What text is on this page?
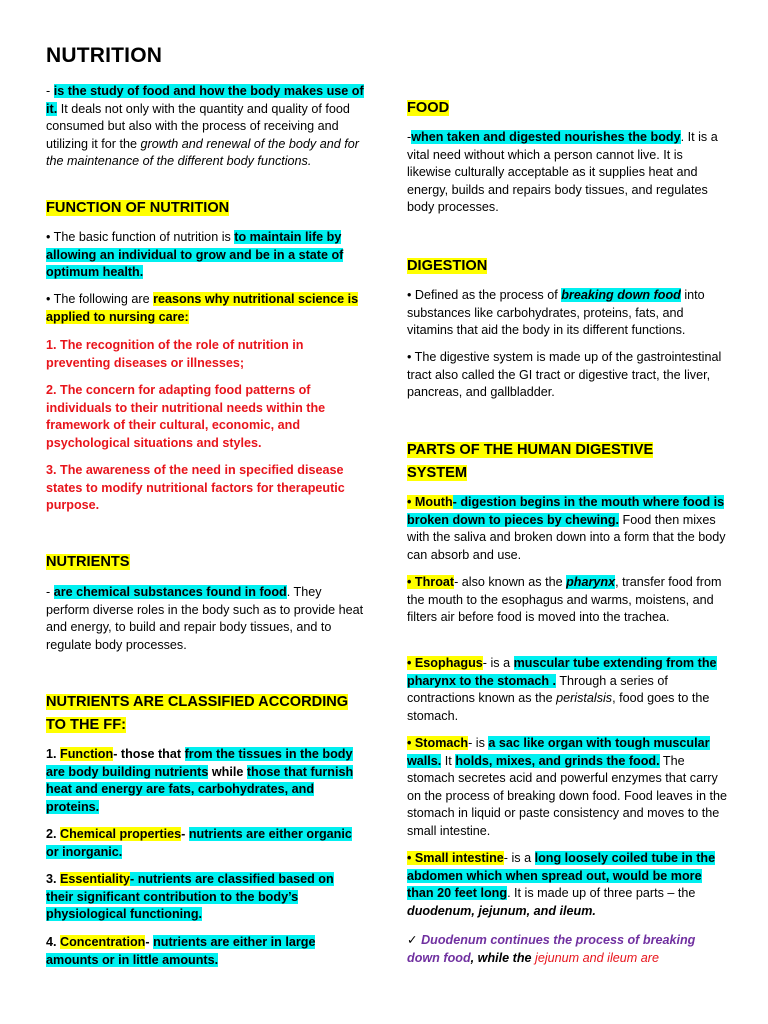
NUTRITION
- is the study of food and how the body makes use of it. It deals not only with the quantity and quality of food consumed but also with the process of receiving and utilizing it for the growth and renewal of the body and for the maintenance of the different body functions.
FUNCTION OF NUTRITION
• The basic function of nutrition is to maintain life by allowing an individual to grow and be in a state of optimum health.
• The following are reasons why nutritional science is applied to nursing care:
1. The recognition of the role of nutrition in preventing diseases or illnesses;
2. The concern for adapting food patterns of individuals to their nutritional needs within the framework of their cultural, economic, and psychological situations and styles.
3. The awareness of the need in specified disease states to modify nutritional factors for therapeutic purpose.
NUTRIENTS
- are chemical substances found in food. They perform diverse roles in the body such as to provide heat and energy, to build and repair body tissues, and to regulate body processes.
NUTRIENTS ARE CLASSIFIED ACCORDING TO THE FF:
1. Function- those that from the tissues in the body are body building nutrients while those that furnish heat and energy are fats, carbohydrates, and proteins.
2. Chemical properties- nutrients are either organic or inorganic.
3. Essentiality- nutrients are classified based on their significant contribution to the body’s physiological functioning.
4. Concentration- nutrients are either in large amounts or in little amounts.
FOOD
-when taken and digested nourishes the body. It is a vital need without which a person cannot live. It is likewise culturally acceptable as it supplies heat and energy, builds and repairs body tissues, and regulates body processes.
DIGESTION
• Defined as the process of breaking down food into substances like carbohydrates, proteins, fats, and vitamins that aid the body in its different functions.
• The digestive system is made up of the gastrointestinal tract also called the GI tract or digestive tract, the liver, pancreas, and gallbladder.
PARTS OF THE HUMAN DIGESTIVE
SYSTEM
• Mouth- digestion begins in the mouth where food is broken down to pieces by chewing. Food then mixes with the saliva and broken down into a form that the body can absorb and use.
• Throat- also known as the pharynx, transfer food from the mouth to the esophagus and warms, moistens, and filters air before food is moved into the trachea.
• Esophagus- is a muscular tube extending from the pharynx to the stomach . Through a series of contractions known as the peristalsis, food goes to the stomach.
• Stomach- is a sac like organ with tough muscular walls. It holds, mixes, and grinds the food. The stomach secretes acid and powerful enzymes that carry on the process of breaking down food. Food leaves in the stomach in liquid or paste consistency and moves to the small intestine.
• Small intestine- is a long loosely coiled tube in the abdomen which when spread out, would be more than 20 feet long. It is made up of three parts – the duodenum, jejunum, and ileum.
✓ Duodenum continues the process of breaking down food, while the jejunum and ileum are
